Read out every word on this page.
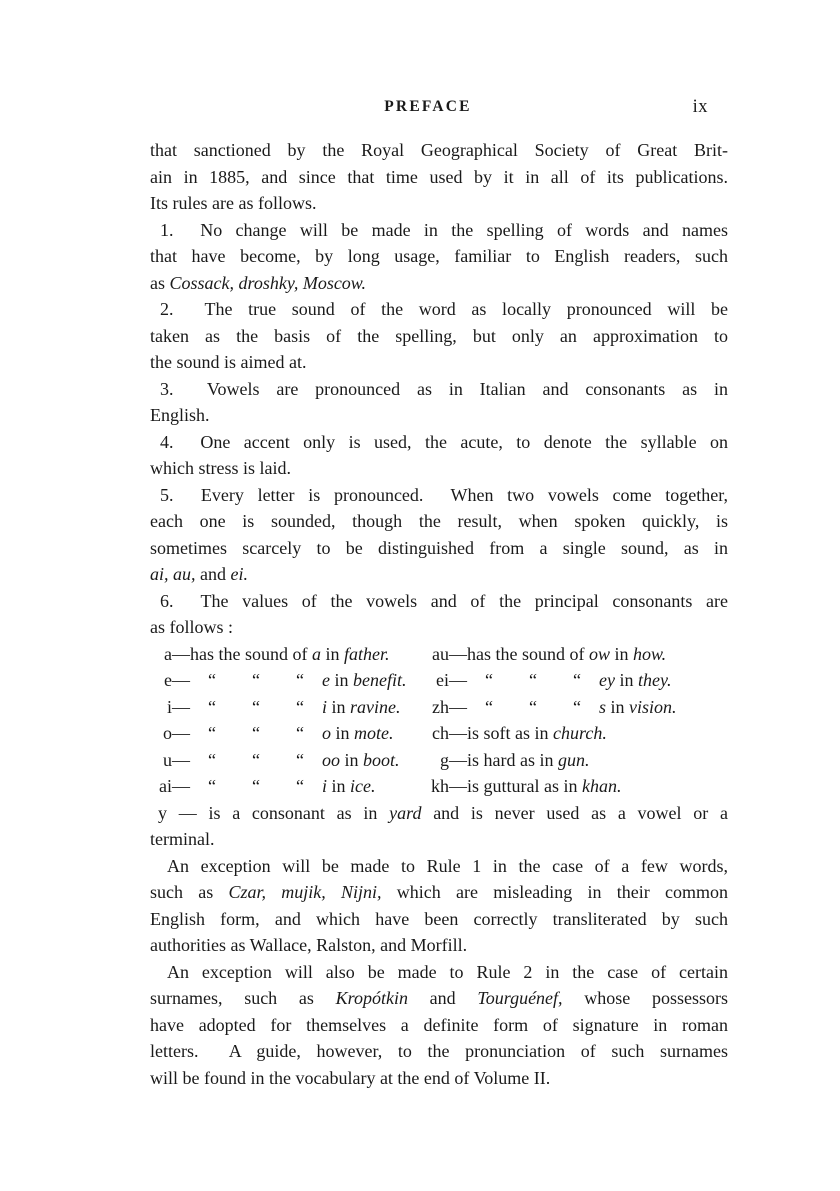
PREFACE	ix
that sanctioned by the Royal Geographical Society of Great Brit-
ain in 1885, and since that time used by it in all of its publications.
Its rules are as follows.
1.  No change will be made in the spelling of words and names
that have become, by long usage, familiar to English readers, such
as Cossack, droshky, Moscow.
2.  The true sound of the word as locally pronounced will be
taken as the basis of the spelling, but only an approximation to
the sound is aimed at.
3.  Vowels are pronounced as in Italian and consonants as in
English.
4.  One accent only is used, the acute, to denote the syllable on
which stress is laid.
5.  Every letter is pronounced.  When two vowels come together,
each one is sounded, though the result, when spoken quickly, is
sometimes scarcely to be distinguished from a single sound, as in
ai, au, and ei.
6.  The values of the vowels and of the principal consonants are
as follows :
a — has the sound of a in father.	au — has the sound of ow in how.
e —	“ “ “ e in benefit.	ei —	“ “ “ ey in they.
i —	“ “ “ i in ravine.	zh —	“ “ “ s in vision.
o —	“ “ “ o in mote.	ch — is soft as in church.
u —	“ “ “ oo in boot.	g — is hard as in gun.
ai —	“ “ “ i in ice.	kh — is guttural as in khan.
y — is a consonant as in yard and is never used as a vowel or a
terminal.
An exception will be made to Rule 1 in the case of a few words,
such as Czar, mujik, Nijni, which are misleading in their common
English form, and which have been correctly transliterated by such
authorities as Wallace, Ralston, and Morfill.
An exception will also be made to Rule 2 in the case of certain
surnames, such as Kropótkin and Tourguénef, whose possessors
have adopted for themselves a definite form of signature in roman
letters.  A guide, however, to the pronunciation of such surnames
will be found in the vocabulary at the end of Volume II.
